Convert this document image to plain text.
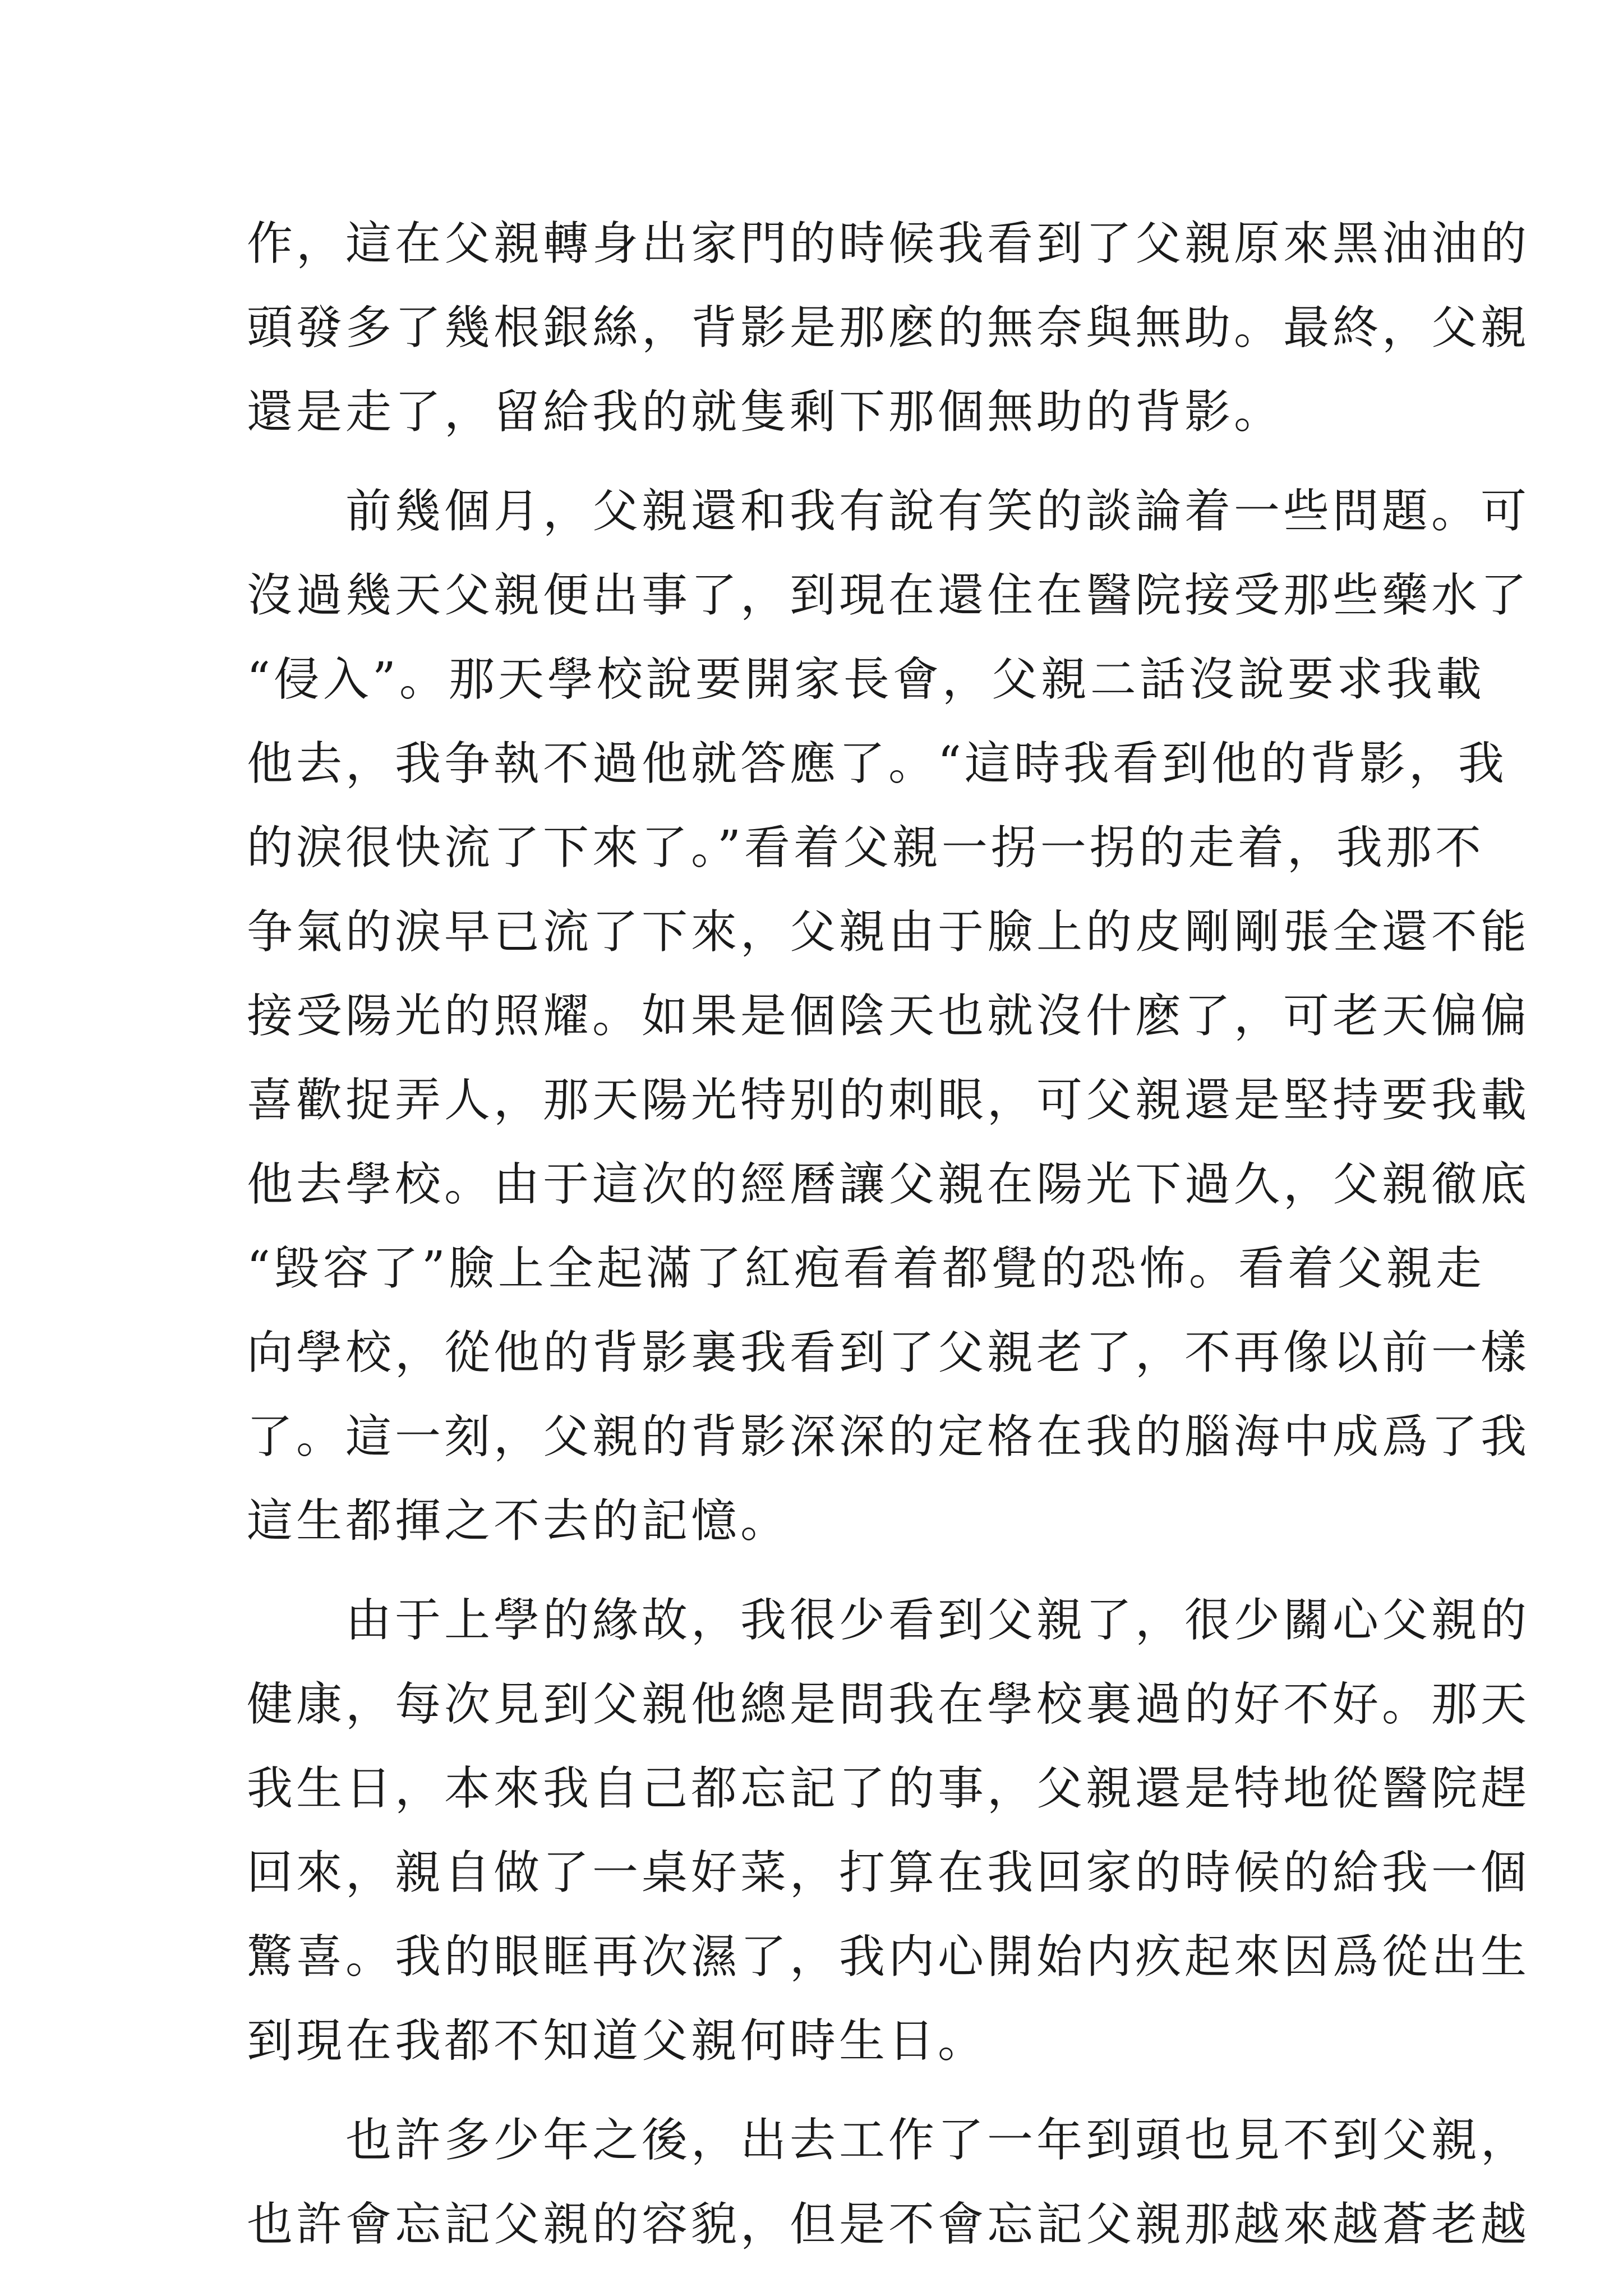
作，這在父親轉身出家門的時候我看到了父親原來黑油油的
頭發多了幾根銀絲，背影是那麽的無奈與無助。最終，父親
還是走了，留給我的就隻剩下那個無助的背影。
　　前幾個月，父親還和我有說有笑的談論着一些問題。可
沒過幾天父親便出事了，到現在還住在醫院接受那些藥水了
“侵入”。那天學校說要開家長會，父親二話沒說要求我載
他去，我争執不過他就答應了。“這時我看到他的背影，我
的淚很快流了下來了。”看着父親一拐一拐的走着，我那不
争氣的淚早已流了下來，父親由于臉上的皮剛剛張全還不能
接受陽光的照耀。如果是個陰天也就沒什麽了，可老天偏偏
喜歡捉弄人，那天陽光特别的刺眼，可父親還是堅持要我載
他去學校。由于這次的經曆讓父親在陽光下過久，父親徹底
“毀容了”臉上全起滿了紅疱看着都覺的恐怖。看着父親走
向學校，從他的背影裏我看到了父親老了，不再像以前一樣
了。這一刻，父親的背影深深的定格在我的腦海中成爲了我
這生都揮之不去的記憶。
　　由于上學的緣故，我很少看到父親了，很少關心父親的
健康，每次見到父親他總是問我在學校裏過的好不好。那天
我生日，本來我自己都忘記了的事，父親還是特地從醫院趕
回來，親自做了一桌好菜，打算在我回家的時候的給我一個
驚喜。我的眼眶再次濕了，我内心開始内疚起來因爲從出生
到現在我都不知道父親何時生日。
　　也許多少年之後，出去工作了一年到頭也見不到父親，
也許會忘記父親的容貌，但是不會忘記父親那越來越蒼老越
